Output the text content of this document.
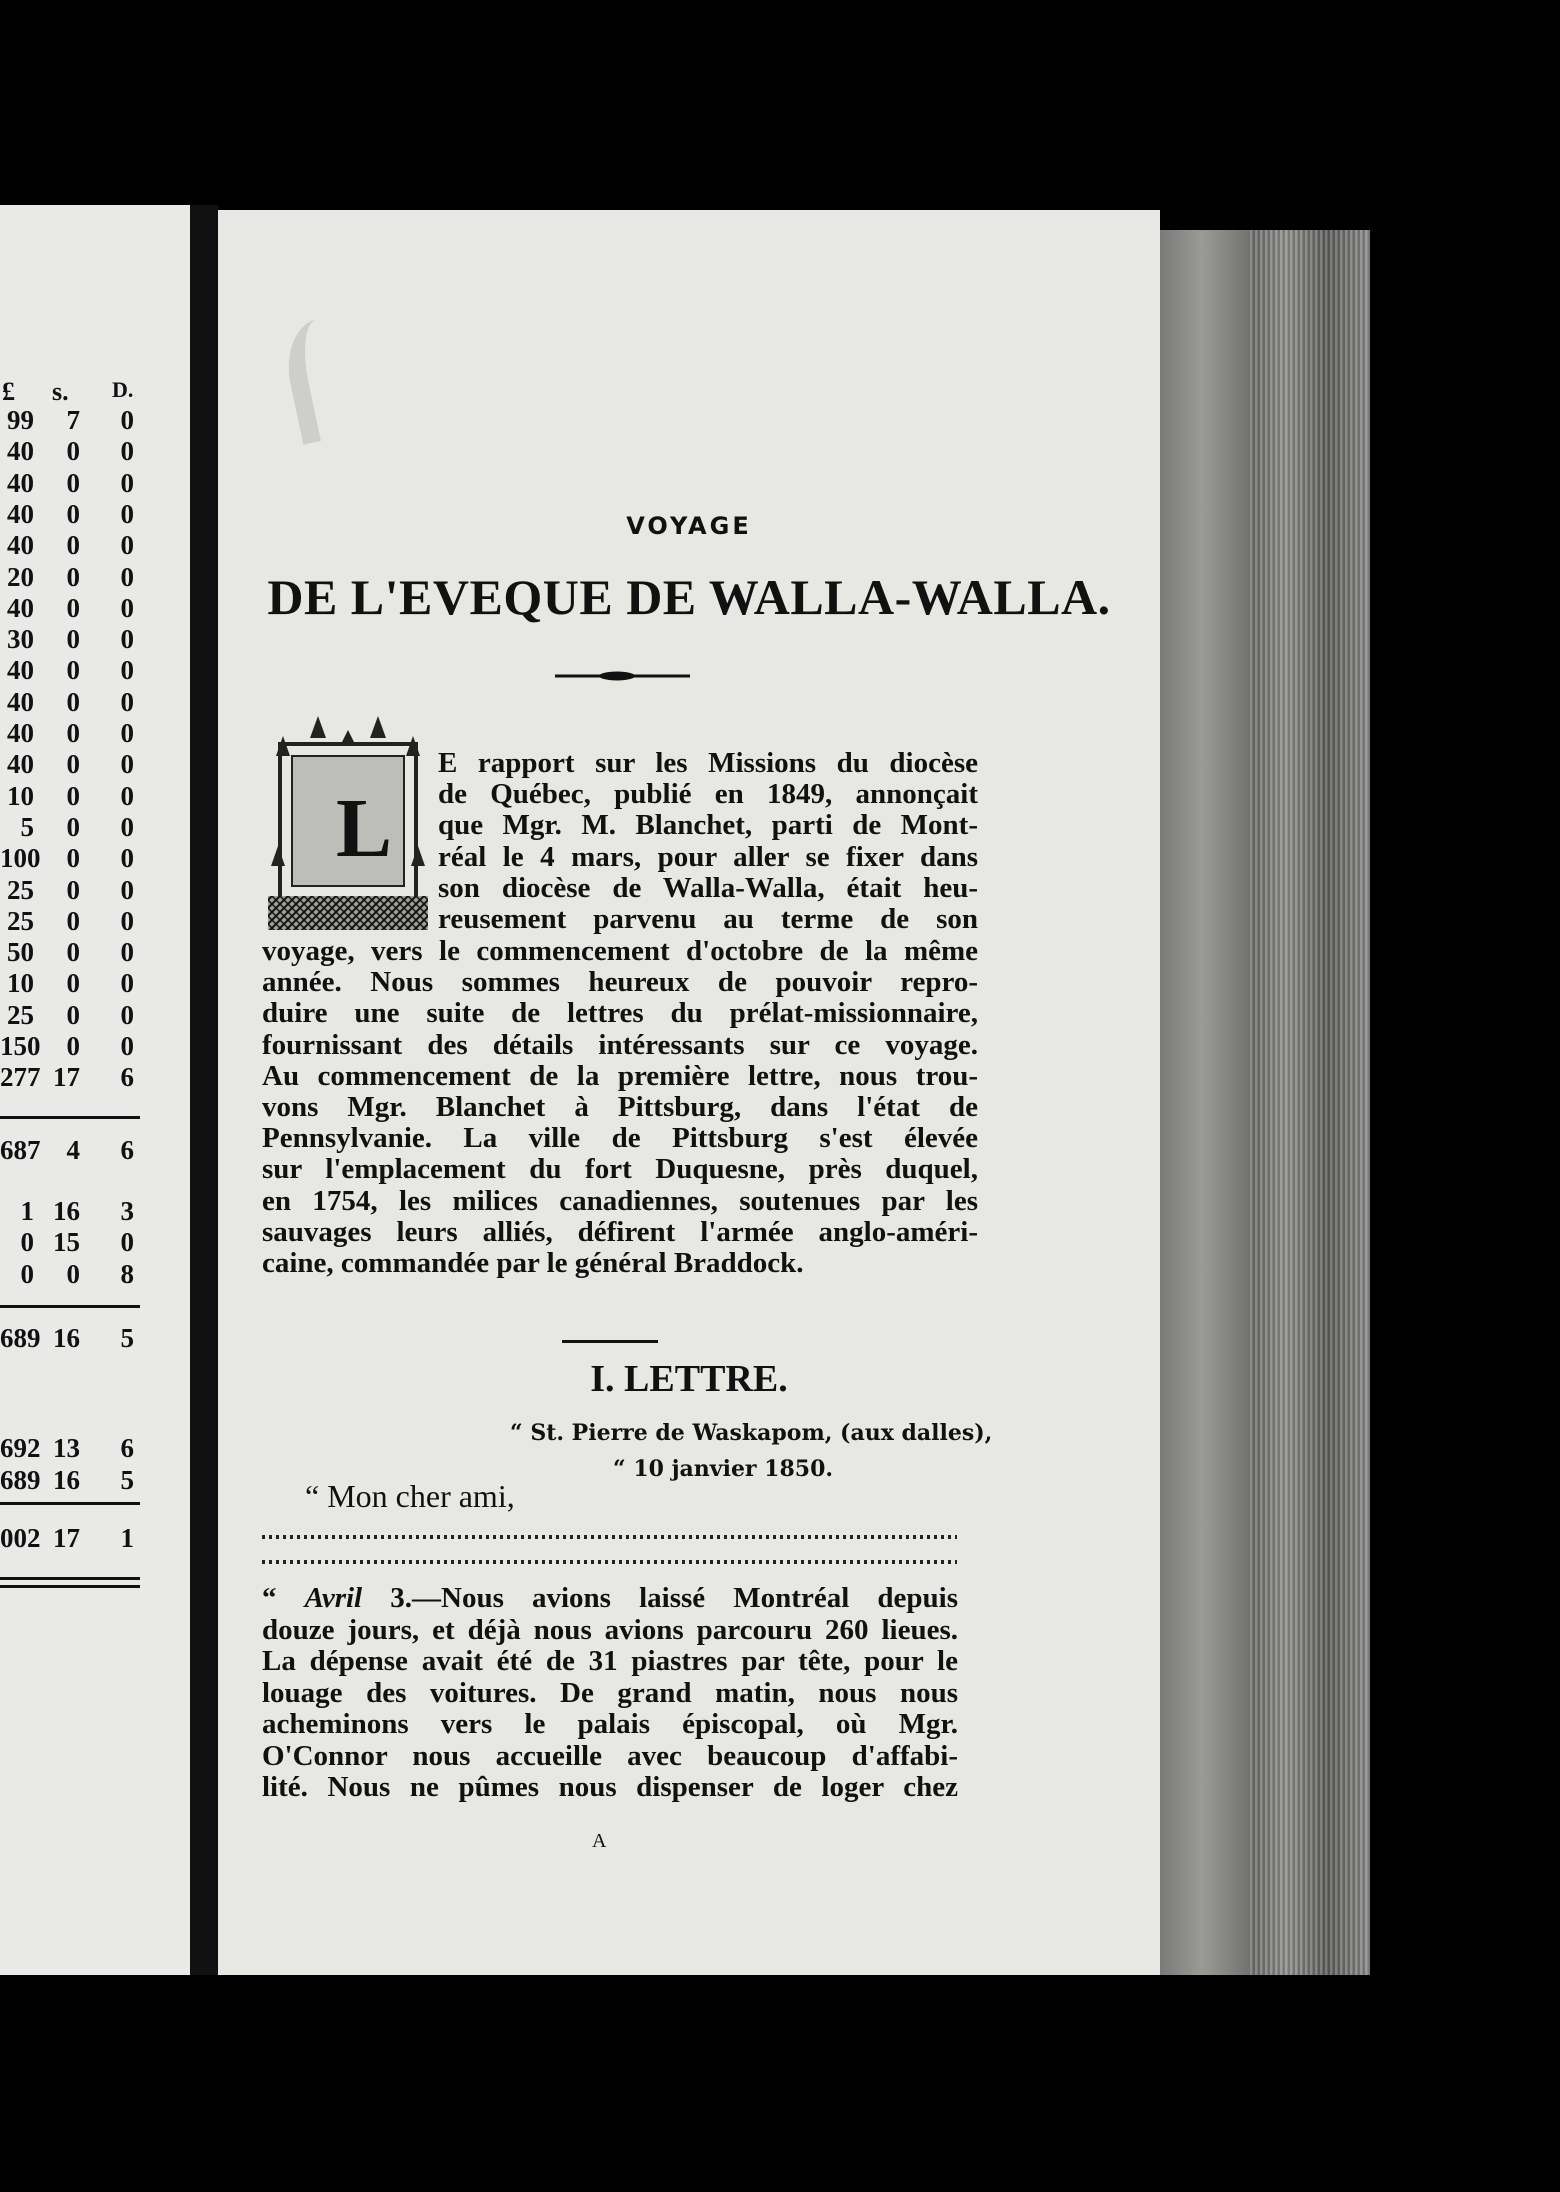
£ s. D.
99	7	0
40	0	0
40	0	0
40	0	0
40	0	0
20	0	0
40	0	0
30	0	0
40	0	0
40	0	0
40	0	0
40	0	0
10	0	0
5	0	0
100 0	0
25	0	0
25	0	0
50	0	0
10	0	0
25	0	0
150 0	0
277 17	6
687 4	6
1 16	3
0 15	0
0	0	8
689 16	5
692 13	6
689 16	5
002 17	1
VOYAGE
DE L'EVEQUE DE WALLA-WALLA.
L
E rapport sur les Missions du diocèse
de Québec, publié en 1849, annonçait
que Mgr. M. Blanchet, parti de Mont-
réal le 4 mars, pour aller se fixer dans
son diocèse de Walla-Walla, était heu-
reusement parvenu au terme de son
voyage, vers le commencement d'octobre de la même
année. Nous sommes heureux de pouvoir repro-
duire une suite de lettres du prélat-missionnaire,
fournissant des détails intéressants sur ce voyage.
Au commencement de la première lettre, nous trou-
vons Mgr. Blanchet à Pittsburg, dans l'état de
Pennsylvanie. La ville de Pittsburg s'est élevée
sur l'emplacement du fort Duquesne, près duquel,
en 1754, les milices canadiennes, soutenues par les
sauvages leurs alliés, défirent l'armée anglo-améri-
caine, commandée par le général Braddock.
I. LETTRE.
“ St. Pierre de Waskapom, (aux dalles),
“ 10 janvier 1850.
“ Mon cher ami,
“ Avril 3.—Nous avions laissé Montréal depuis
douze jours, et déjà nous avions parcouru 260 lieues.
La dépense avait été de 31 piastres par tête, pour le
louage des voitures. De grand matin, nous nous
acheminons vers le palais épiscopal, où Mgr.
O'Connor nous accueille avec beaucoup d'affabi-
lité. Nous ne pûmes nous dispenser de loger chez
A
